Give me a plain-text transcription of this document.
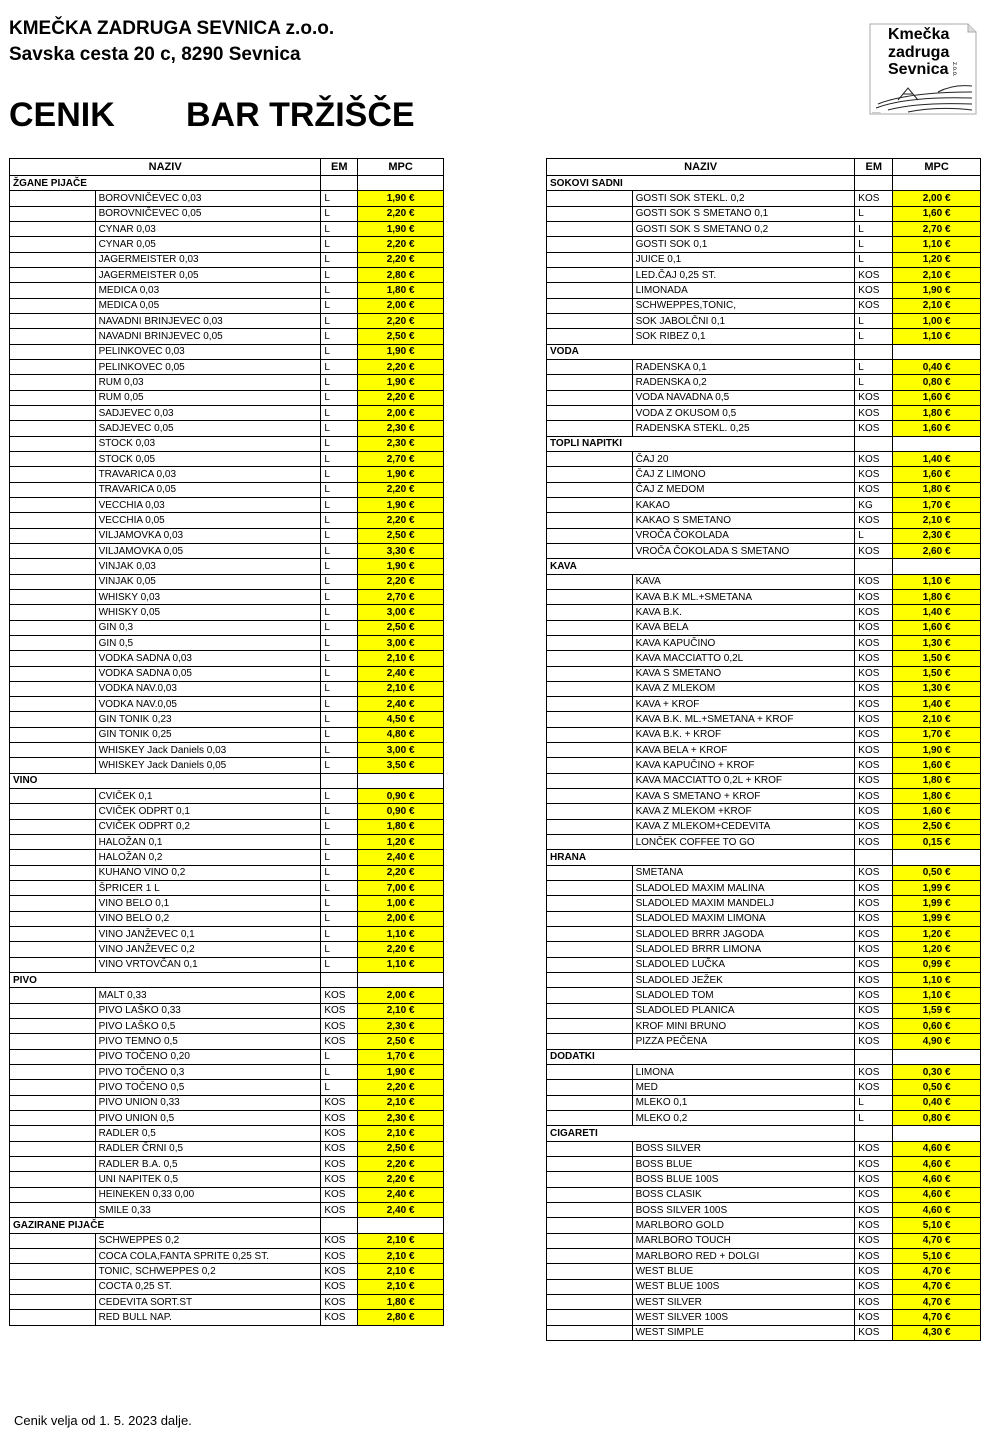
KMEČKA ZADRUGA SEVNICA z.o.o.
Savska cesta 20 c, 8290 Sevnica
CENIK BAR TRŽIŠČE
Kmečka
zadruga
Sevnica z.o.o.
NAZIV		EM	MPC
ŽGANE PIJAČE			
	BOROVNIČEVEC 0,03	L	1,90 €
	BOROVNIČEVEC 0,05	L	2,20 €
	CYNAR 0,03	L	1,90 €
	CYNAR 0,05	L	2,20 €
	JAGERMEISTER 0,03	L	2,20 €
	JAGERMEISTER 0,05	L	2,80 €
	MEDICA 0,03	L	1,80 €
	MEDICA 0,05	L	2,00 €
	NAVADNI BRINJEVEC 0,03	L	2,20 €
	NAVADNI BRINJEVEC 0,05	L	2,50 €
	PELINKOVEC 0,03	L	1,90 €
	PELINKOVEC 0,05	L	2,20 €
	RUM 0,03	L	1,90 €
	RUM 0,05	L	2,20 €
	SADJEVEC 0,03	L	2,00 €
	SADJEVEC 0,05	L	2,30 €
	STOCK 0,03	L	2,30 €
	STOCK 0,05	L	2,70 €
	TRAVARICA 0,03	L	1,90 €
	TRAVARICA 0,05	L	2,20 €
	VECCHIA 0,03	L	1,90 €
	VECCHIA 0,05	L	2,20 €
	VILJAMOVKA 0,03	L	2,50 €
	VILJAMOVKA 0,05	L	3,30 €
	VINJAK 0,03	L	1,90 €
	VINJAK 0,05	L	2,20 €
	WHISKY 0,03	L	2,70 €
	WHISKY 0,05	L	3,00 €
	GIN 0,3	L	2,50 €
	GIN 0,5	L	3,00 €
	VODKA SADNA 0,03	L	2,10 €
	VODKA SADNA 0,05	L	2,40 €
	VODKA NAV.0,03	L	2,10 €
	VODKA NAV.0,05	L	2,40 €
	GIN TONIK 0,23	L	4,50 €
	GIN TONIK 0,25	L	4,80 €
	WHISKEY Jack Daniels 0,03	L	3,00 €
	WHISKEY Jack Daniels 0,05	L	3,50 €
VINO			
	CVIČEK 0,1	L	0,90 €
	CVIČEK ODPRT 0,1	L	0,90 €
	CVIČEK ODPRT 0,2	L	1,80 €
	HALOŽAN 0,1	L	1,20 €
	HALOŽAN 0,2	L	2,40 €
	KUHANO VINO 0,2	L	2,20 €
	ŠPRICER 1 L	L	7,00 €
	VINO BELO 0,1	L	1,00 €
	VINO BELO 0,2	L	2,00 €
	VINO JANŽEVEC 0,1	L	1,10 €
	VINO JANŽEVEC 0,2	L	2,20 €
	VINO VRTOVČAN 0,1	L	1,10 €
PIVO			
	MALT 0,33	KOS	2,00 €
	PIVO LAŠKO 0,33	KOS	2,10 €
	PIVO LAŠKO 0,5	KOS	2,30 €
	PIVO TEMNO 0,5	KOS	2,50 €
	PIVO TOČENO 0,20	L	1,70 €
	PIVO TOČENO 0,3	L	1,90 €
	PIVO TOČENO 0,5	L	2,20 €
	PIVO UNION 0,33	KOS	2,10 €
	PIVO UNION 0,5	KOS	2,30 €
	RADLER 0,5	KOS	2,10 €
	RADLER ČRNI 0,5	KOS	2,50 €
	RADLER B.A. 0,5	KOS	2,20 €
	UNI NAPITEK 0,5	KOS	2,20 €
	HEINEKEN 0,33 0,00	KOS	2,40 €
	SMILE 0,33	KOS	2,40 €
GAZIRANE PIJAČE			
	SCHWEPPES 0,2	KOS	2,10 €
	COCA COLA,FANTA SPRITE 0,25 ST.	KOS	2,10 €
	TONIC, SCHWEPPES 0,2	KOS	2,10 €
	COCTA 0,25 ST.	KOS	2,10 €
	CEDEVITA SORT.ST	KOS	1,80 €
	RED BULL NAP.	KOS	2,80 €
NAZIV		EM	MPC
SOKOVI SADNI			
	GOSTI SOK STEKL. 0,2	KOS	2,00 €
	GOSTI SOK S SMETANO 0,1	L	1,60 €
	GOSTI SOK S SMETANO 0,2	L	2,70 €
	GOSTI SOK 0,1	L	1,10 €
	JUICE 0,1	L	1,20 €
	LED.ČAJ 0,25 ST.	KOS	2,10 €
	LIMONADA	KOS	1,90 €
	SCHWEPPES,TONIC,	KOS	2,10 €
	SOK JABOLČNI 0,1	L	1,00 €
	SOK RIBEZ 0,1	L	1,10 €
VODA			
	RADENSKA 0,1	L	0,40 €
	RADENSKA 0,2	L	0,80 €
	VODA NAVADNA 0,5	KOS	1,60 €
	VODA Z OKUSOM 0,5	KOS	1,80 €
	RADENSKA STEKL. 0,25	KOS	1,60 €
TOPLI NAPITKI			
	ČAJ 20	KOS	1,40 €
	ČAJ Z LIMONO	KOS	1,60 €
	ČAJ Z MEDOM	KOS	1,80 €
	KAKAO	KG	1,70 €
	KAKAO S SMETANO	KOS	2,10 €
	VROČA ČOKOLADA	L	2,30 €
	VROČA ČOKOLADA S SMETANO	KOS	2,60 €
KAVA			
	KAVA	KOS	1,10 €
	KAVA B.K ML.+SMETANA	KOS	1,80 €
	KAVA B.K.	KOS	1,40 €
	KAVA BELA	KOS	1,60 €
	KAVA KAPUČINO	KOS	1,30 €
	KAVA MACCIATTO 0,2L	KOS	1,50 €
	KAVA S SMETANO	KOS	1,50 €
	KAVA Z MLEKOM	KOS	1,30 €
	KAVA + KROF	KOS	1,40 €
	KAVA B.K. ML.+SMETANA + KROF	KOS	2,10 €
	KAVA B.K. + KROF	KOS	1,70 €
	KAVA BELA + KROF	KOS	1,90 €
	KAVA KAPUČINO + KROF	KOS	1,60 €
	KAVA MACCIATTO 0,2L + KROF	KOS	1,80 €
	KAVA S SMETANO + KROF	KOS	1,80 €
	KAVA Z MLEKOM +KROF	KOS	1,60 €
	KAVA Z MLEKOM+CEDEVITA	KOS	2,50 €
	LONČEK COFFEE TO GO	KOS	0,15 €
HRANA			
	SMETANA	KOS	0,50 €
	SLADOLED MAXIM MALINA	KOS	1,99 €
	SLADOLED MAXIM MANDELJ	KOS	1,99 €
	SLADOLED MAXIM LIMONA	KOS	1,99 €
	SLADOLED BRRR JAGODA	KOS	1,20 €
	SLADOLED BRRR LIMONA	KOS	1,20 €
	SLADOLED LUČKA	KOS	0,99 €
	SLADOLED JEŽEK	KOS	1,10 €
	SLADOLED TOM	KOS	1,10 €
	SLADOLED PLANICA	KOS	1,59 €
	KROF MINI BRUNO	KOS	0,60 €
	PIZZA PEČENA	KOS	4,90 €
DODATKI			
	LIMONA	KOS	0,30 €
	MED	KOS	0,50 €
	MLEKO 0,1	L	0,40 €
	MLEKO 0,2	L	0,80 €
CIGARETI			
	BOSS SILVER	KOS	4,60 €
	BOSS BLUE	KOS	4,60 €
	BOSS BLUE 100S	KOS	4,60 €
	BOSS CLASIK	KOS	4,60 €
	BOSS SILVER 100S	KOS	4,60 €
	MARLBORO GOLD	KOS	5,10 €
	MARLBORO TOUCH	KOS	4,70 €
	MARLBORO RED + DOLGI	KOS	5,10 €
	WEST BLUE	KOS	4,70 €
	WEST BLUE 100S	KOS	4,70 €
	WEST SILVER	KOS	4,70 €
	WEST SILVER 100S	KOS	4,70 €
	WEST SIMPLE	KOS	4,30 €
Cenik velja od 1. 5. 2023 dalje.
